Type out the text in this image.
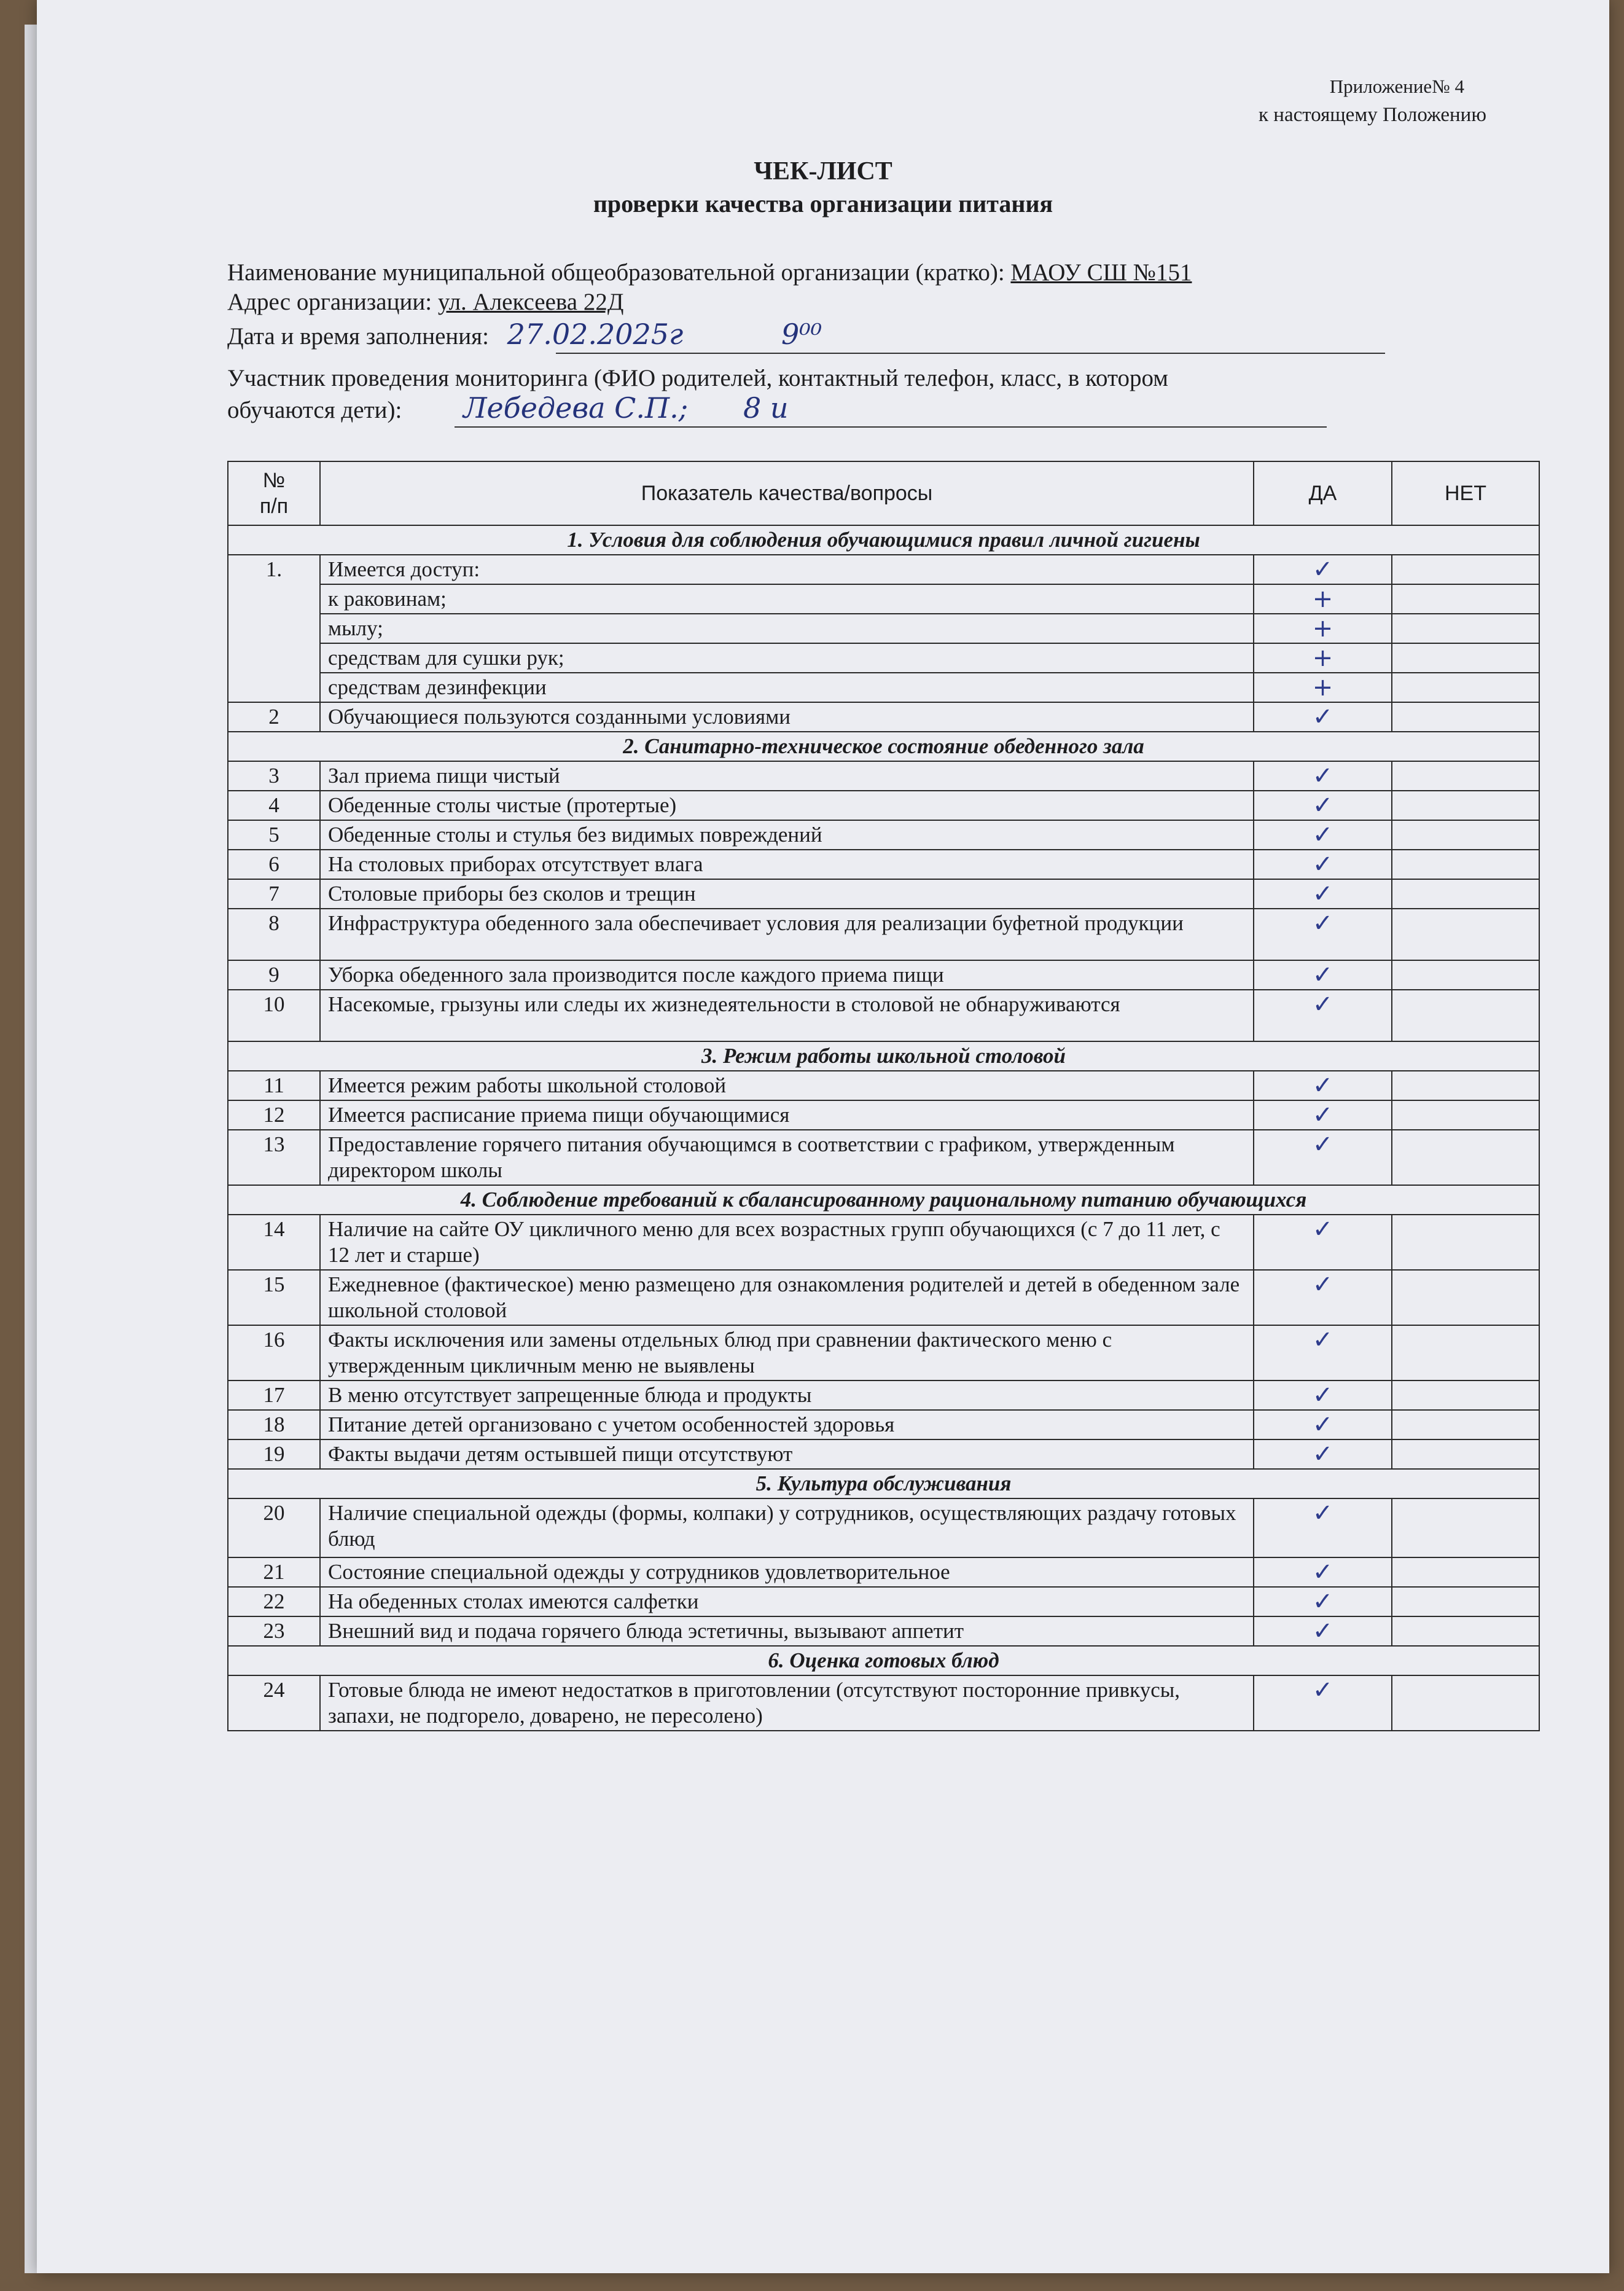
Приложение№ 4
к настоящему Положению
ЧЕК-ЛИСТ
проверки качества организации питания
Наименование муниципальной общеобразовательной организации (кратко): МАОУ СШ №151
Адрес организации: ул. Алексеева 22Д
Дата и время заполнения: 27.02.2025г	9⁰⁰
Участник проведения мониторинга (ФИО родителей, контактный телефон, класс, в котором
обучаются дети): Лебедева С.П.; 8 и
№
п/п	Показатель качества/вопросы	ДА	НЕТ
1. Условия для соблюдения обучающимися правил личной гигиены			
1.	Имеется доступ:	✓	
	к раковинам;	+	
	мылу;	+	
	средствам для сушки рук;	+	
	средствам дезинфекции	+	
2	Обучающиеся пользуются созданными условиями	✓	
2. Санитарно-техническое состояние обеденного зала			
3	Зал приема пищи чистый	✓	
4	Обеденные столы чистые (протертые)	✓	
5	Обеденные столы и стулья без видимых повреждений	✓	
6	На столовых приборах отсутствует влага	✓	
7	Столовые приборы без сколов и трещин	✓	
8	Инфраструктура обеденного зала обеспечивает условия для реализации буфетной продукции	✓	
9	Уборка обеденного зала производится после каждого приема пищи	✓	
10	Насекомые, грызуны или следы их жизнедеятельности в столовой не обнаруживаются	✓	
3. Режим работы школьной столовой			
11	Имеется режим работы школьной столовой	✓	
12	Имеется расписание приема пищи обучающимися	✓	
13	Предоставление горячего питания обучающимся в соответствии с графиком, утвержденным директором школы	✓	
4. Соблюдение требований к сбалансированному рациональному питанию обучающихся			
14	Наличие на сайте ОУ цикличного меню для всех возрастных групп обучающихся (с 7 до 11 лет, с 12 лет и старше)	✓	
15	Ежедневное (фактическое) меню размещено для ознакомления родителей и детей в обеденном зале школьной столовой	✓	
16	Факты исключения или замены отдельных блюд при сравнении фактического меню с утвержденным цикличным меню не выявлены	✓	
17	В меню отсутствует запрещенные блюда и продукты	✓	
18	Питание детей организовано с учетом особенностей здоровья	✓	
19	Факты выдачи детям остывшей пищи отсутствуют	✓	
5. Культура обслуживания			
20	Наличие специальной одежды (формы, колпаки) у сотрудников, осуществляющих раздачу готовых блюд	✓	
21	Состояние специальной одежды у сотрудников удовлетворительное	✓	
22	На обеденных столах имеются салфетки	✓	
23	Внешний вид и подача горячего блюда эстетичны, вызывают аппетит	✓	
6. Оценка готовых блюд			
24	Готовые блюда не имеют недостатков в приготовлении (отсутствуют посторонние привкусы, запахи, не подгорело, доварено, не пересолено)	✓	
